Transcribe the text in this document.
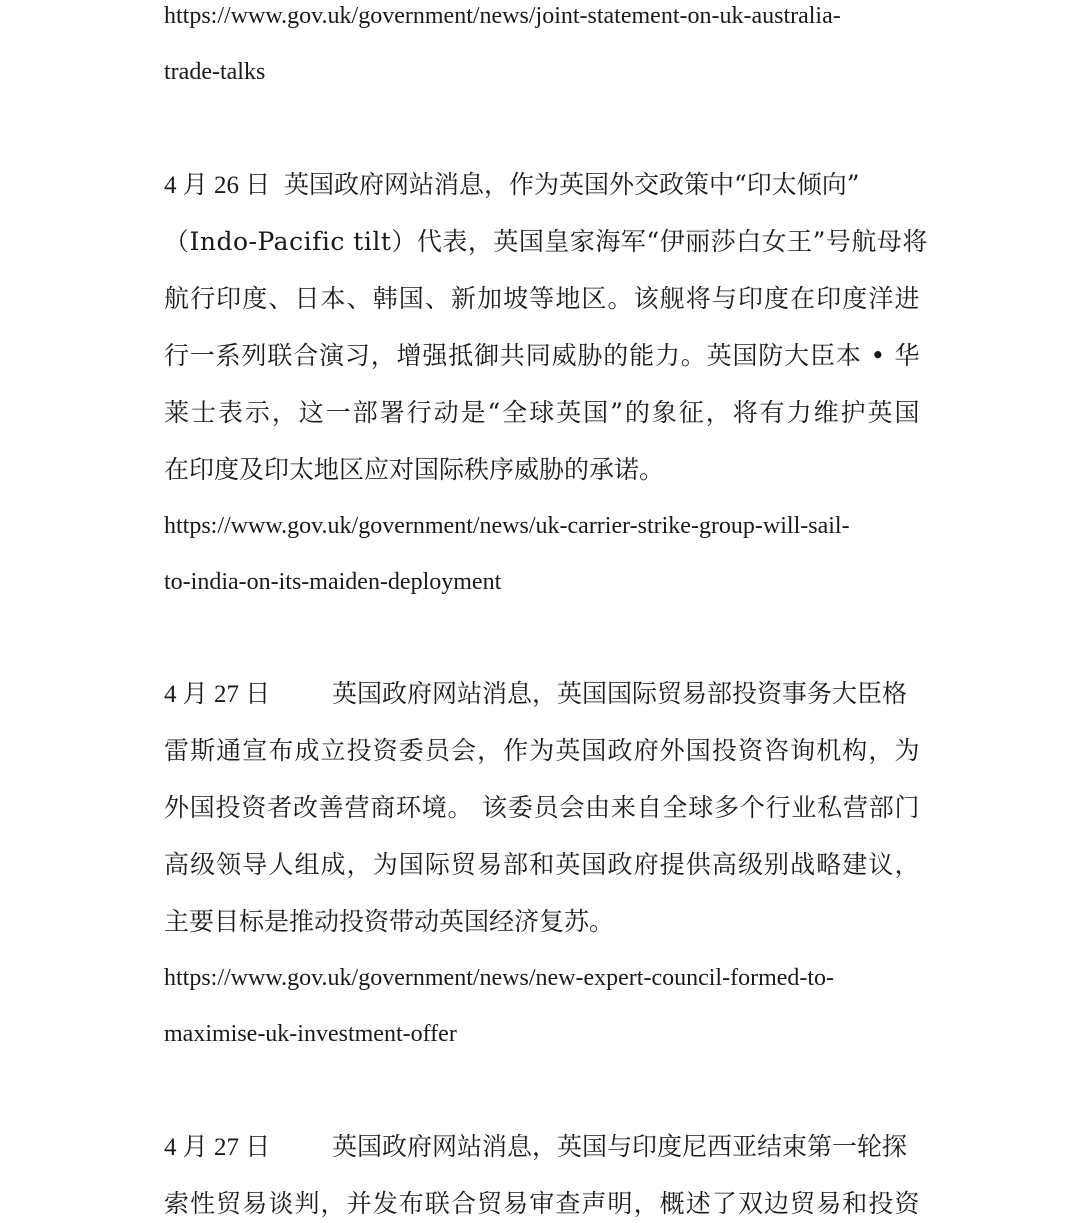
https://www.gov.uk/government/news/joint-statement-on-uk-australia-
trade-talks
4 月 26 日 英国政府网站消息，作为英国外交政策中“印太倾向”
（Indo-Pacific tilt）代表，英国皇家海军“伊丽莎白女王”号航母将
航行印度、日本、韩国、新加坡等地区。该舰将与印度在印度洋进
行一系列联合演习，增强抵御共同威胁的能力。英国防大臣本 • 华
莱士表示，这一部署行动是“全球英国”的象征，将有力维护英国
在印度及印太地区应对国际秩序威胁的承诺。
https://www.gov.uk/government/news/uk-carrier-strike-group-will-sail-
to-india-on-its-maiden-deployment
4 月 27 日 英国政府网站消息，英国国际贸易部投资事务大臣格
雷斯通宣布成立投资委员会，作为英国政府外国投资咨询机构，为
外国投资者改善营商环境。 该委员会由来自全球多个行业私营部门
高级领导人组成，为国际贸易部和英国政府提供高级别战略建议，
主要目标是推动投资带动英国经济复苏。
https://www.gov.uk/government/news/new-expert-council-formed-to-
maximise-uk-investment-offer
4 月 27 日 英国政府网站消息，英国与印度尼西亚结束第一轮探
索性贸易谈判，并发布联合贸易审查声明，概述了双边贸易和投资
